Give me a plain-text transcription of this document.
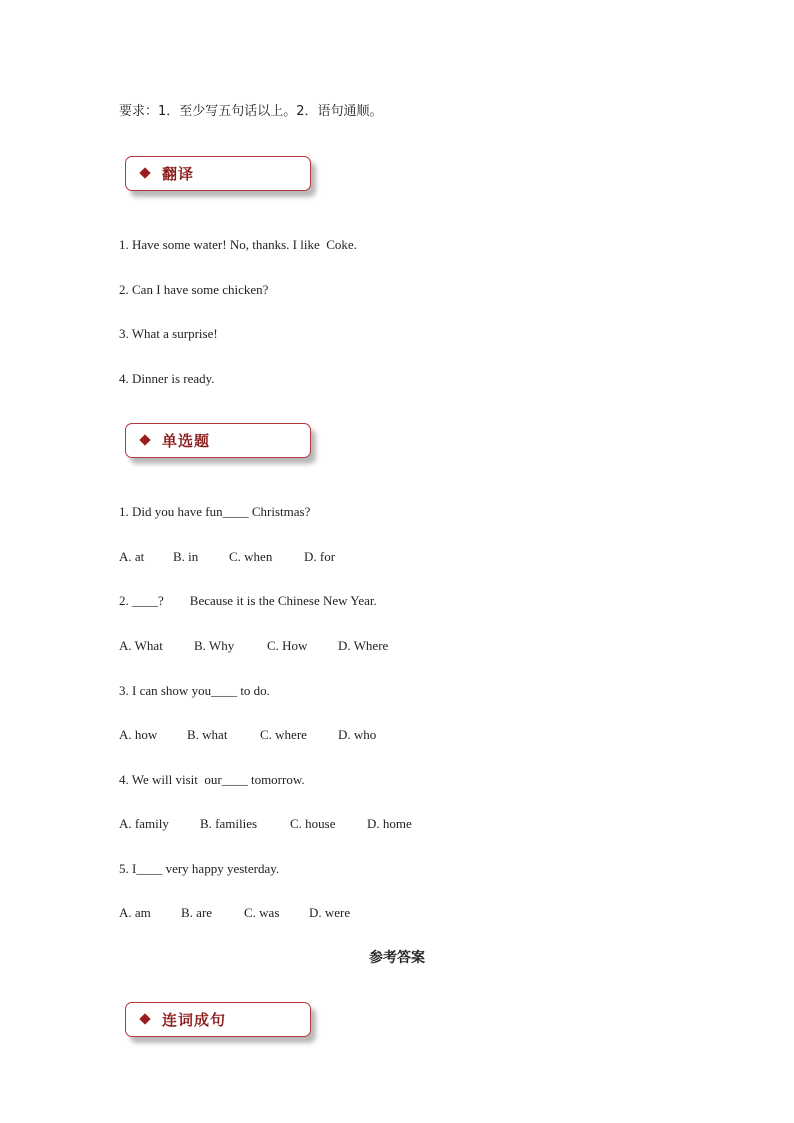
要求：1．至少写五句话以上。2．语句通顺。

翻译

1. Have some water! No, thanks. I like  Coke.

2. Can I have some chicken?

3. What a surprise!

4. Dinner is ready.

单选题

1. Did you have fun____ Christmas?

A. at B. in C. when D. for

2. ____?        Because it is the Chinese New Year.

A. What B. Why	C. How D. Where

3. I can show you____ to do.

A. how B. what	C. where D. who

4. We will visit  our____ tomorrow.

A. family B. families	C. house D. home

5. I____ very happy yesterday.

A. am B. are C. was D. were
参考答案
连词成句
